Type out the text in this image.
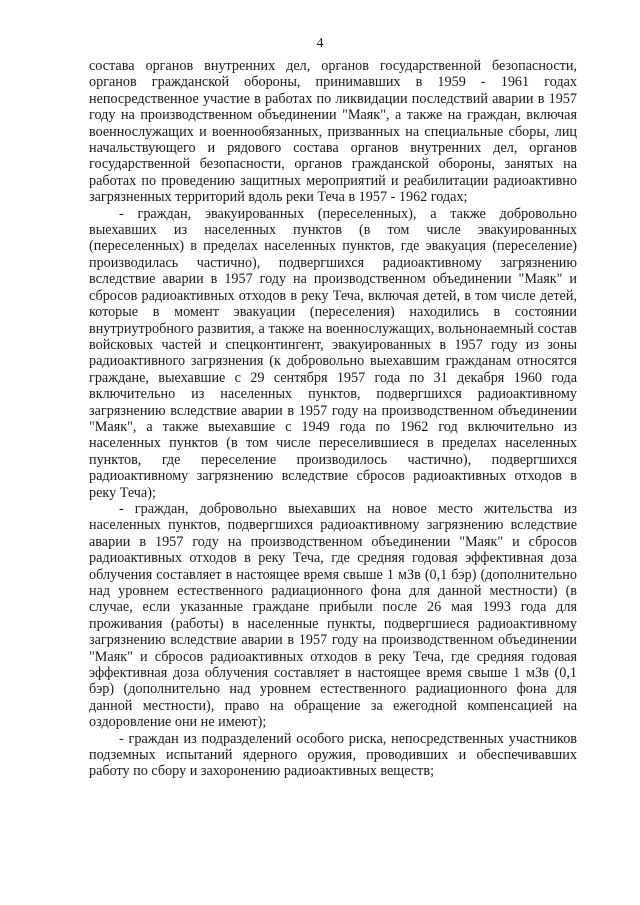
4

состава органов внутренних дел, органов государственной безопасности, органов гражданской обороны, принимавших в 1959 - 1961 годах непосредственное участие в работах по ликвидации последствий аварии в 1957 году на производственном объединении "Маяк", а также на граждан, включая военнослужащих и военнообязанных, призванных на специальные сборы, лиц начальствующего и рядового состава органов внутренних дел, органов государственной безопасности, органов гражданской обороны, занятых на работах по проведению защитных мероприятий и реабилитации радиоактивно загрязненных территорий вдоль реки Теча в 1957 - 1962 годах;

- граждан, эвакуированных (переселенных), а также добровольно выехавших из населенных пунктов (в том числе эвакуированных (переселенных) в пределах населенных пунктов, где эвакуация (переселение) производилась частично), подвергшихся радиоактивному загрязнению вследствие аварии в 1957 году на производственном объединении "Маяк" и сбросов радиоактивных отходов в реку Теча, включая детей, в том числе детей, которые в момент эвакуации (переселения) находились в состоянии внутриутробного развития, а также на военнослужащих, вольнонаемный состав войсковых частей и спецконтингент, эвакуированных в 1957 году из зоны радиоактивного загрязнения (к добровольно выехавшим гражданам относятся граждане, выехавшие с 29 сентября 1957 года по 31 декабря 1960 года включительно из населенных пунктов, подвергшихся радиоактивному загрязнению вследствие аварии в 1957 году на производственном объединении "Маяк", а также выехавшие с 1949 года по 1962 год включительно из населенных пунктов (в том числе переселившиеся в пределах населенных пунктов, где переселение производилось частично), подвергшихся радиоактивному загрязнению вследствие сбросов радиоактивных отходов в реку Теча);

- граждан, добровольно выехавших на новое место жительства из населенных пунктов, подвергшихся радиоактивному загрязнению вследствие аварии в 1957 году на производственном объединении "Маяк" и сбросов радиоактивных отходов в реку Теча, где средняя годовая эффективная доза облучения составляет в настоящее время свыше 1 мЗв (0,1 бэр) (дополнительно над уровнем естественного радиационного фона для данной местности) (в случае, если указанные граждане прибыли после 26 мая 1993 года для проживания (работы) в населенные пункты, подвергшиеся радиоактивному загрязнению вследствие аварии в 1957 году на производственном объединении "Маяк" и сбросов радиоактивных отходов в реку Теча, где средняя годовая эффективная доза облучения составляет в настоящее время свыше 1 мЗв (0,1 бэр) (дополнительно над уровнем естественного радиационного фона для данной местности), право на обращение за ежегодной компенсацией на оздоровление они не имеют);

- граждан из подразделений особого риска, непосредственных участников подземных испытаний ядерного оружия, проводивших и обеспечивавших работу по сбору и захоронению радиоактивных веществ;
